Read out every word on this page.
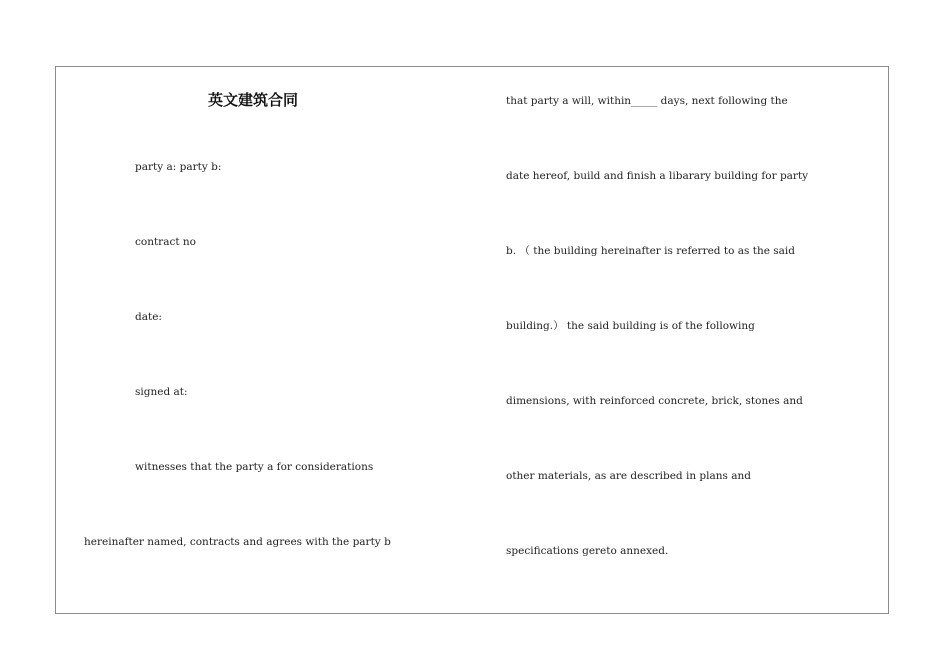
英文建筑合同
party a: party b:
contract no
date:
signed at:
witnesses that the party a for considerations
hereinafter named, contracts and agrees with the party b
that party a will, within_____ days, next following the
date hereof, build and finish a libarary building for party
b. （ the building hereinafter is referred to as the said
building.） the said building is of the following
dimensions, with reinforced concrete, brick, stones and
other materials, as are described in plans and
specifications gereto annexed.
